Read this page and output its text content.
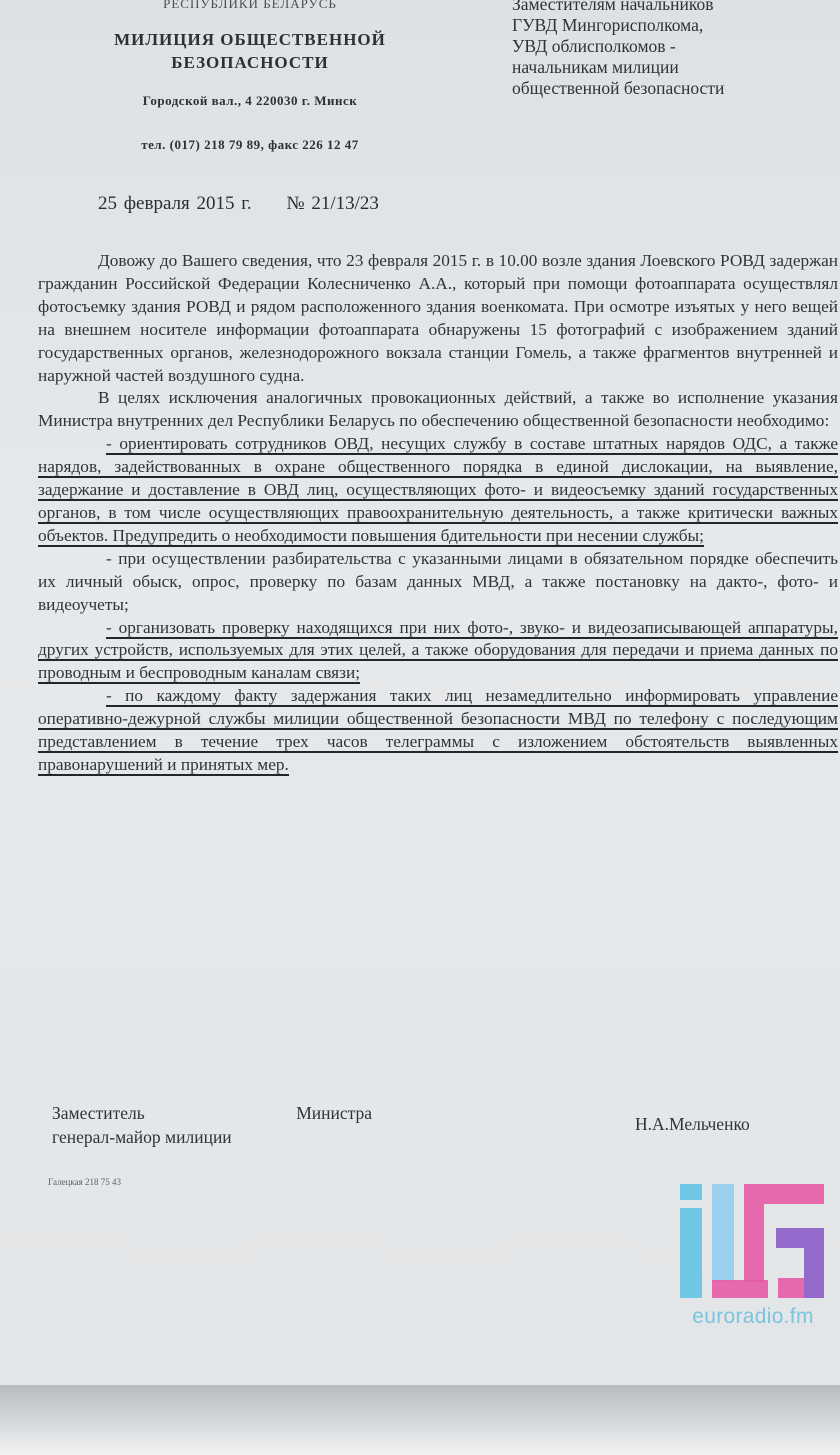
РЕСПУБЛИКИ БЕЛАРУСЬ
МИЛИЦИЯ ОБЩЕСТВЕННОЙ
БЕЗОПАСНОСТИ
Городской вал., 4 220030 г. Минск
тел. (017) 218 79 89, факс 226 12 47
Заместителям начальников
ГУВД Мингорисполкома,
УВД облисполкомов -
начальникам милиции
общественной безопасности
25 февраля 2015 г. № 21/13/23

Довожу до Вашего сведения, что 23 февраля 2015 г. в 10.00 возле здания Лоевского РОВД задержан гражданин Российской Федерации Колесниченко А.А., который при помощи фотоаппарата осуществлял фотосъемку здания РОВД и рядом расположенного здания военкомата. При осмотре изъятых у него вещей на внешнем носителе информации фотоаппарата обнаружены 15 фотографий с изображением зданий государственных органов, железнодорожного вокзала станции Гомель, а также фрагментов внутренней и наружной частей воздушного судна.

В целях исключения аналогичных провокационных действий, а также во исполнение указания Министра внутренних дел Республики Беларусь по обеспечению общественной безопасности необходимо:

- ориентировать сотрудников ОВД, несущих службу в составе штатных нарядов ОДС, а также нарядов, задействованных в охране общественного порядка в единой дислокации, на выявление, задержание и доставление в ОВД лиц, осуществляющих фото- и видеосъемку зданий государственных органов, в том числе осуществляющих правоохранительную деятельность, а также критически важных объектов. Предупредить о необходимости повышения бдительности при несении службы;

- при осуществлении разбирательства с указанными лицами в обязательном порядке обеспечить их личный обыск, опрос, проверку по базам данных МВД, а также постановку на дакто-, фото- и видеоучеты;

- организовать проверку находящихся при них фото-, звуко- и видеозаписывающей аппаратуры, других устройств, используемых для этих целей, а также оборудования для передачи и приема данных по проводным и беспроводным каналам связи;

- по каждому факту задержания таких лиц незамедлительно информировать управление оперативно-дежурной службы милиции общественной безопасности МВД по телефону с последующим представлением в течение трех часов телеграммы с изложением обстоятельств выявленных правонарушений и принятых мер.

Заместитель	Министра
генерал-майор милиции
Н.А.Мельченко
Галецкая 218 75 43
euroradio.fm
